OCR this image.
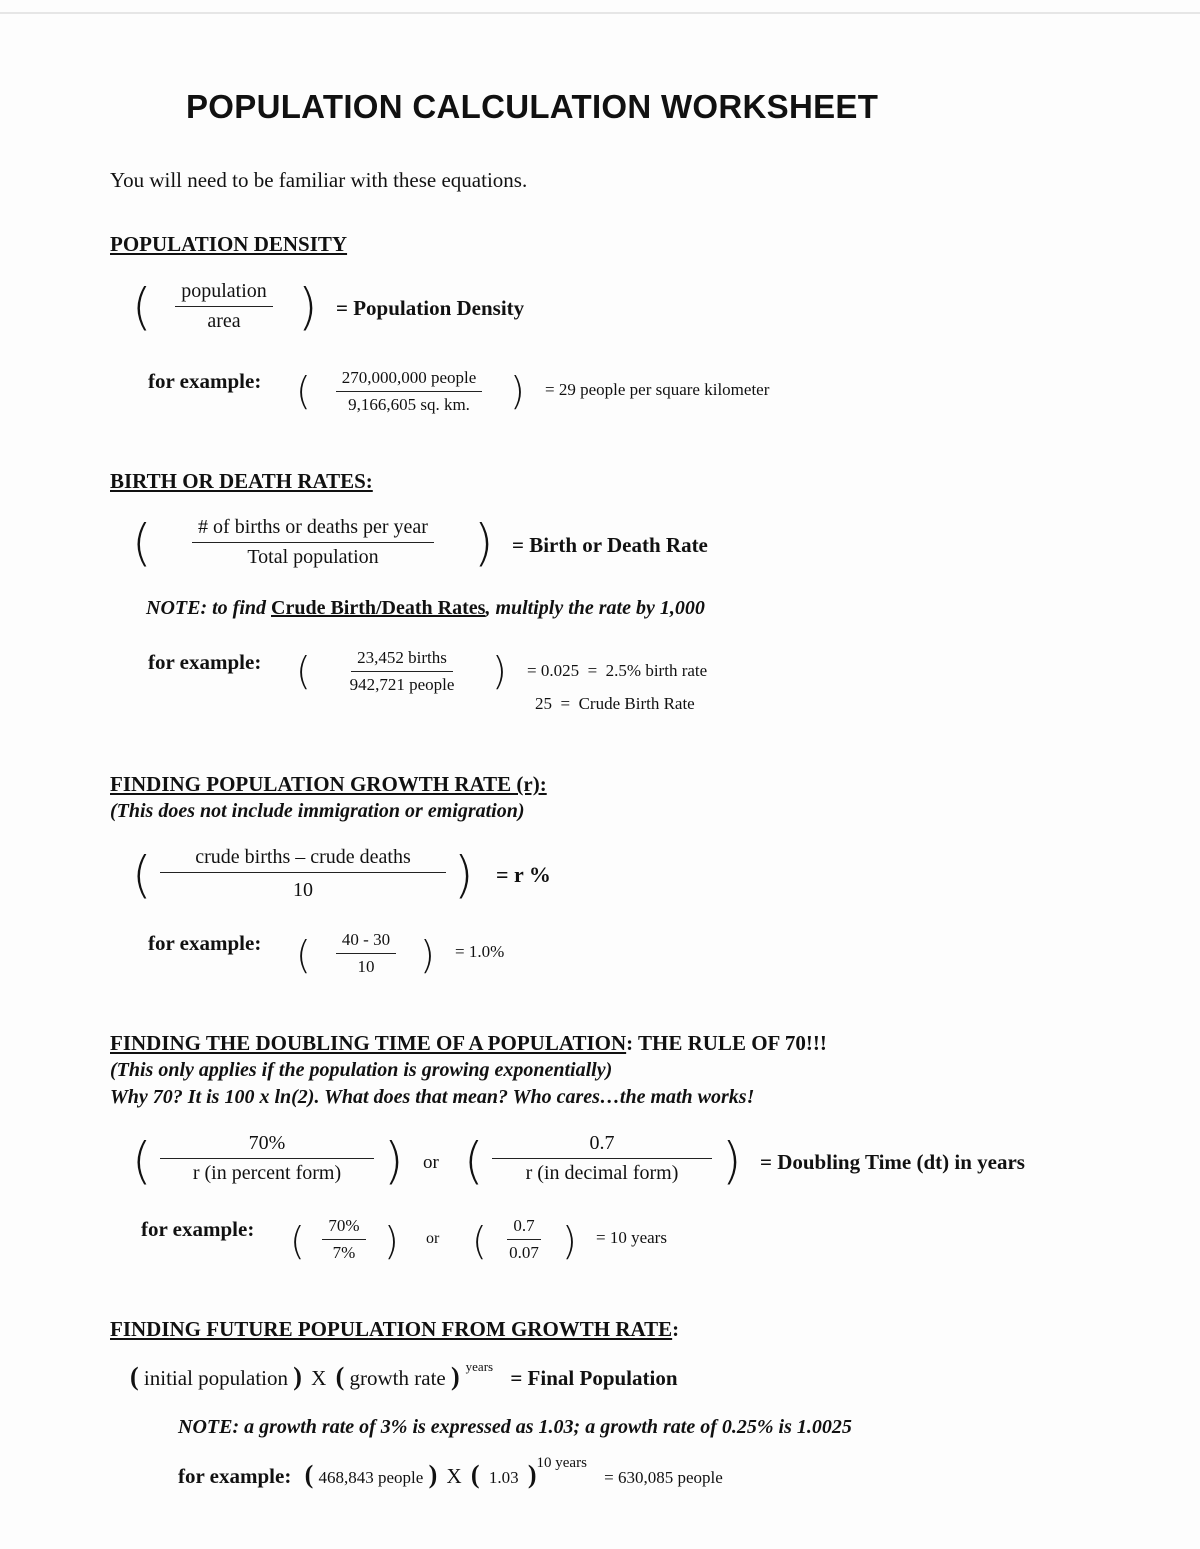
POPULATION CALCULATION WORKSHEET
You will need to be familiar with these equations.
POPULATION DENSITY
(	population
area ) = Population Density
for example: (	270,000,000 people
9,166,605 sq. km. ) = 29 people per square kilometer
BIRTH OR DEATH RATES:
(	# of births or deaths per year
Total population ) = Birth or Death Rate
NOTE: to find Crude Birth/Death Rates, multiply the rate by 1,000
for example: (	23,452 births
942,721 people ) = 0.025  =  2.5% birth rate
25  =  Crude Birth Rate
FINDING POPULATION GROWTH RATE (r):
(This does not include immigration or emigration)
(	crude births – crude deaths
10	) = r %
for example: ( $\frac{40 - 30}{10}$ ) = 1.0%
FINDING THE DOUBLING TIME OF A POPULATION: THE RULE OF 70!!!
(This only applies if the population is growing exponentially)
Why 70? It is 100 x ln(2). What does that mean? Who cares…the math works!
(	70%
r (in percent form) ) or (	0.7
r (in decimal form) ) = Doubling Time (dt) in years
for example: ( $\frac{70\%}{7\%}$ ) or ( $\frac{0.7}{0.07}$ ) = 10 years
FINDING FUTURE POPULATION FROM GROWTH RATE:
( initial population ) X ( growth rate ) $^{years}$ = Final Population
NOTE: a growth rate of 3% is expressed as 1.03; a growth rate of 0.25% is 1.0025
for example: ( 468,843 people ) X ( 1.03 )$^{10 years}$ = 630,085 people
